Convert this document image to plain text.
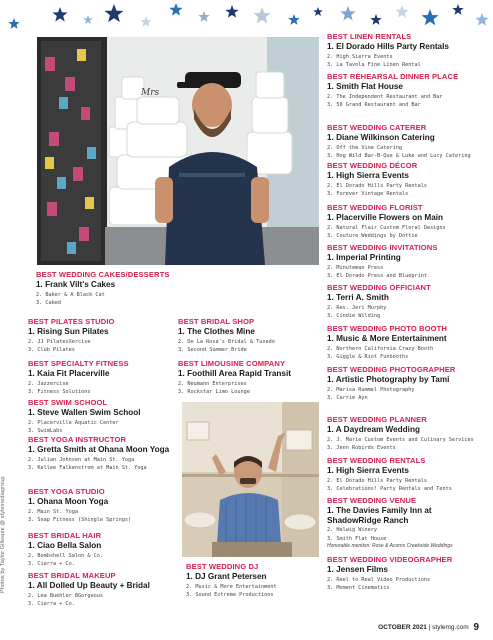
Mrs
Photos by Taylor Gillespie @ stylemediagroup
BEST WEDDING CAKES/DESSERTS
1. Frank Vilt's Cakes
2. Baker & A Black Cat
3. Caked
BEST PILATES STUDIO
1. Rising Sun Pilates
2. JJ PilatesXercise
3. Club Pilates
BEST SPECIALTY FITNESS
1. Kaia Fit Placerville
2. Jazzercise
3. Fitness Solutions
BEST SWIM SCHOOL
1. Steve Wallen Swim School
2. Placerville Aquatic Center
3. SwimLabs
BEST YOGA INSTRUCTOR
1. Gretta Smith at Ohana Moon Yoga
2. Julian Johnsen at Main St. Yoga
3. Kellee Falkenstrom at Main St. Yoga
BEST YOGA STUDIO
1. Ohana Moon Yoga
2. Main St. Yoga
3. Snap Fitness (Shingle Springs)
BEST BRIDAL HAIR
1. Ciao Bella Salon
2. Bombshell Salon & Co.
3. Cierra + Co.
BEST BRIDAL MAKEUP
1. All Dolled Up Beauty + Bridal
2. Lea Buehler BGorgeous
3. Cierra + Co.
BEST BRIDAL SHOP
1. The Clothes Mine
2. De La Rosa's Bridal & Tuxedo
3. Second Summer Bride
BEST LIMOUSINE COMPANY
1. Foothill Area Rapid Transit
2. Neumann Enterprises
3. Rockstar Limo Lounge
BEST WEDDING DJ
1. DJ Grant Petersen
2. Music & More Entertainment
3. Sound Extreme Productions
BEST LINEN RENTALS
1. El Dorado Hills Party Rentals
2. High Sierra Events
3. La Tavola Fine Linen Rental
BEST REHEARSAL DINNER PLACE
1. Smith Flat House
2. The Independent Restaurant and Bar
3. 50 Grand Restaurant and Bar
BEST WEDDING CATERER
1. Diane Wilkinson Catering
2. Off the Vine Catering
3. Hog Wild Bar-B-Que & Luke and Lucy Catering
BEST WEDDING DÉCOR
1. High Sierra Events
2. El Dorado Hills Party Rentals
3. Forever Vintage Rentals
BEST WEDDING FLORIST
1. Placerville Flowers on Main
2. Natural Flair Custom Floral Designs
3. Couture Weddings by Dottie
BEST WEDDING INVITATIONS
1. Imperial Printing
2. Minuteman Press
3. El Dorado Press and Blueprint
BEST WEDDING OFFICIANT
1. Terri A. Smith
2. Rev. Jeri Murphy
3. Cindie Wilding
BEST WEDDING PHOTO BOOTH
1. Music & More Entertainment
2. Northern California Crazy Booth
3. Giggle & Riot Funbooths
BEST WEDDING PHOTOGRAPHER
1. Artistic Photography by Tami
2. Marisa Rummel Photography
3. Carrie Ayn
BEST WEDDING PLANNER
1. A Daydream Wedding
2. J. Marie Custom Events and Culinary Services
3. Jenn Robirds Events
BEST WEDDING RENTALS
1. High Sierra Events
2. El Dorado Hills Party Rentals
3. Celebrations! Party Rentals and Tents
BEST WEDDING VENUE
1. The Davies Family Inn at ShadowRidge Ranch
2. Helwig Winery
3. Smith Flat House
Honorable mention: Rose & Acorns Creekside Weddings
BEST WEDDING VIDEOGRAPHER
1. Jensen Films
2. Reel to Real Video Productions
3. Moment Cinematics
OCTOBER 2021 | stylemg.com 9
